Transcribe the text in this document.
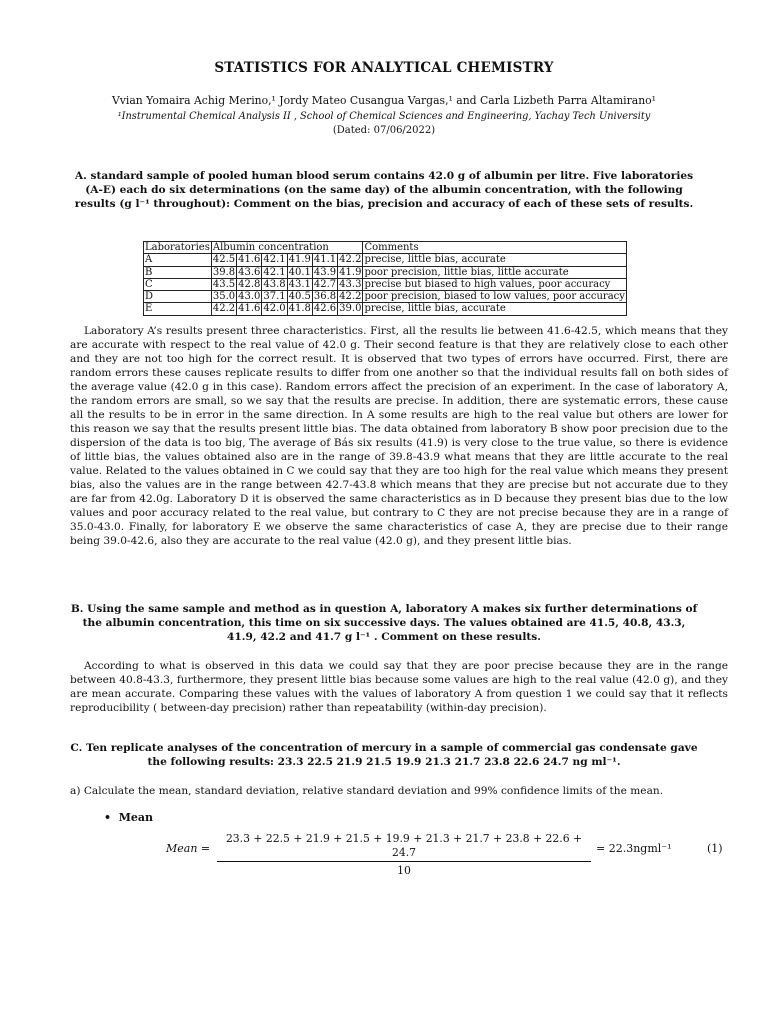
STATISTICS FOR ANALYTICAL CHEMISTRY
Vvian Yomaira Achig Merino,¹ Jordy Mateo Cusangua Vargas,¹ and Carla Lizbeth Parra Altamirano¹
¹Instrumental Chemical Analysis II , School of Chemical Sciences and Engineering, Yachay Tech University
(Dated: 07/06/2022)
A. standard sample of pooled human blood serum contains 42.0 g of albumin per litre. Five laboratories (A-E) each do six determinations (on the same day) of the albumin concentration, with the following results (g l⁻¹ throughout): Comment on the bias, precision and accuracy of each of these sets of results.
Laboratories	Albumin concentration						Comments
A	42.5	41.6	42.1	41.9	41.1	42.2	precise, little bias, accurate
B	39.8	43.6	42.1	40.1	43.9	41.9	poor precision, little bias, little accurate
C	43.5	42.8	43.8	43.1	42.7	43.3	precise but biased to high values, poor accuracy
D	35.0	43.0	37.1	40.5	36.8	42.2	poor precision, biased to low values, poor accuracy
E	42.2	41.6	42.0	41.8	42.6	39.0	precise, little bias, accurate

Laboratory A’s results present three characteristics. First, all the results lie between 41.6-42.5, which means that they are accurate with respect to the real value of 42.0 g. Their second feature is that they are relatively close to each other and they are not too high for the correct result. It is observed that two types of errors have occurred. First, there are random errors these causes replicate results to differ from one another so that the individual results fall on both sides of the average value (42.0 g in this case). Random errors affect the precision of an experiment. In the case of laboratory A, the random errors are small, so we say that the results are precise. In addition, there are systematic errors, these cause all the results to be in error in the same direction. In A some results are high to the real value but others are lower for this reason we say that the results present little bias. The data obtained from laboratory B show poor precision due to the dispersion of the data is too big, The average of Bás six results (41.9) is very close to the true value, so there is evidence of little bias, the values obtained also are in the range of 39.8-43.9 what means that they are little accurate to the real value. Related to the values obtained in C we could say that they are too high for the real value which means they present bias, also the values are in the range between 42.7-43.8 which means that they are precise but not accurate due to they are far from 42.0g. Laboratory D it is observed the same characteristics as in D because they present bias due to the low values and poor accuracy related to the real value, but contrary to C they are not precise because they are in a range of 35.0-43.0. Finally, for laboratory E we observe the same characteristics of case A, they are precise due to their range being 39.0-42.6, also they are accurate to the real value (42.0 g), and they present little bias.

B. Using the same sample and method as in question A, laboratory A makes six further determinations of the albumin concentration, this time on six successive days. The values obtained are 41.5, 40.8, 43.3, 41.9, 42.2 and 41.7 g l⁻¹ . Comment on these results.

According to what is observed in this data we could say that they are poor precise because they are in the range between 40.8-43.3, furthermore, they present little bias because some values are high to the real value (42.0 g), and they are mean accurate. Comparing these values with the values of laboratory A from question 1 we could say that it reflects reproducibility ( between-day precision) rather than repeatability (within-day precision).

C. Ten replicate analyses of the concentration of mercury in a sample of commercial gas condensate gave the following results: 23.3 22.5 21.9 21.5 19.9 21.3 21.7 23.8 22.6 24.7 ng ml⁻¹.
a) Calculate the mean, standard deviation, relative standard deviation and 99% confidence limits of the mean.
•  Mean
Mean =
23.3 + 22.5 + 21.9 + 21.5 + 19.9 + 21.3 + 21.7 + 23.8 + 22.6 + 24.7
10
= 22.3ngml⁻¹	(1)
